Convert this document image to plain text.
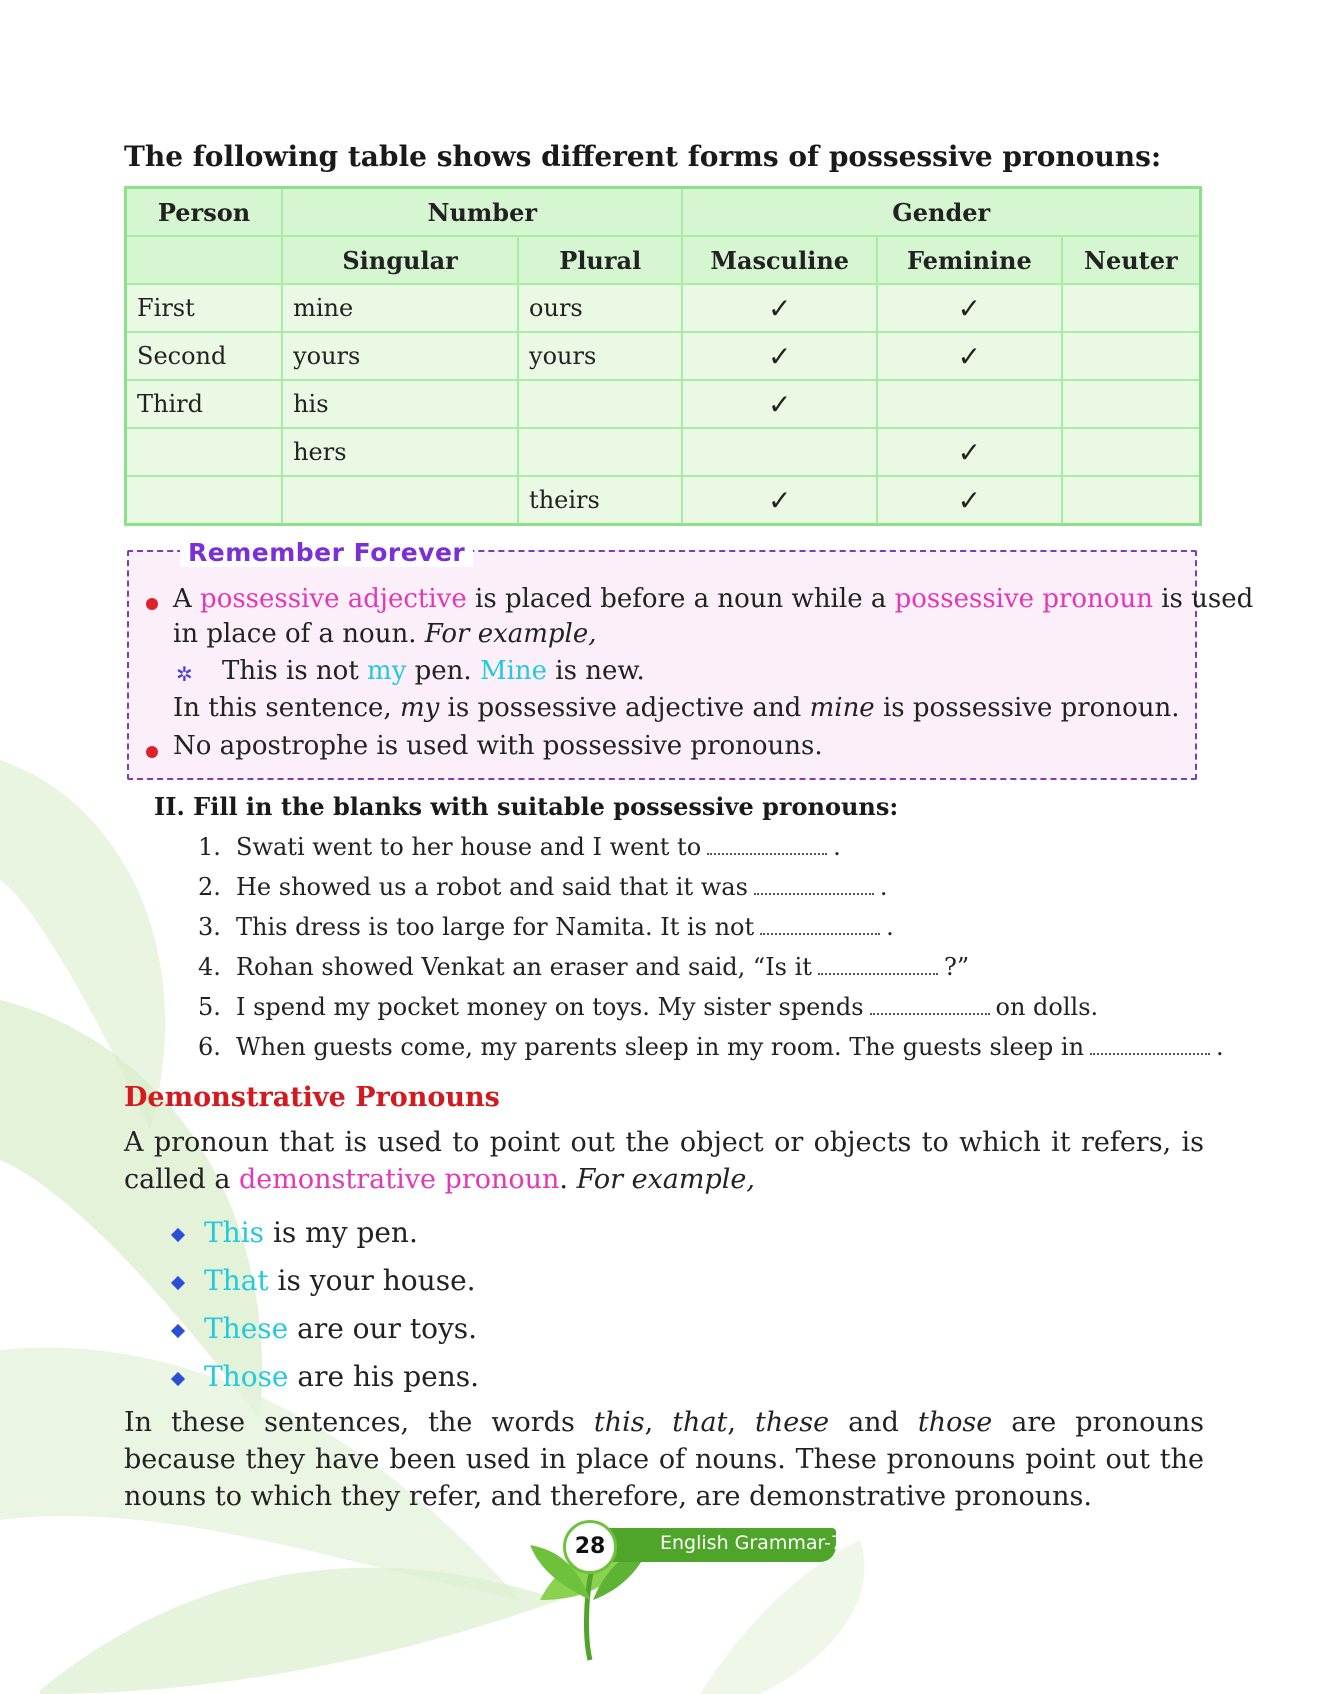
The following table shows different forms of possessive pronouns:
Person	Number		Gender		
	Singular	Plural	Masculine	Feminine	Neuter
First	mine	ours	✓	✓	
Second	yours	yours	✓	✓	
Third	his		✓		
	hers			✓	
		theirs	✓	✓	
Remember Forever
A possessive adjective is placed before a noun while a possessive pronoun is used
in place of a noun. For example,
✲ This is not my pen. Mine is new.
In this sentence, my is possessive adjective and mine is possessive pronoun.
No apostrophe is used with possessive pronouns.
II. Fill in the blanks with suitable possessive pronouns:
1. Swati went to her house and I went to	.
2. He showed us a robot and said that it was	.
3. This dress is too large for Namita. It is not	.
4. Rohan showed Venkat an eraser and said, “Is it	?”
5. I spend my pocket money on toys. My sister spends	on dolls.
6. When guests come, my parents sleep in my room. The guests sleep in	.
Demonstrative Pronouns
A pronoun that is used to point out the object or objects to which it refers, is called a demonstrative pronoun. For example,
This is my pen.
That is your house.
These are our toys.
Those are his pens.
In these sentences, the words this, that, these and those are pronouns because they have been used in place of nouns. These pronouns point out the nouns to which they refer, and therefore, are demonstrative pronouns.
28	English Grammar-7
